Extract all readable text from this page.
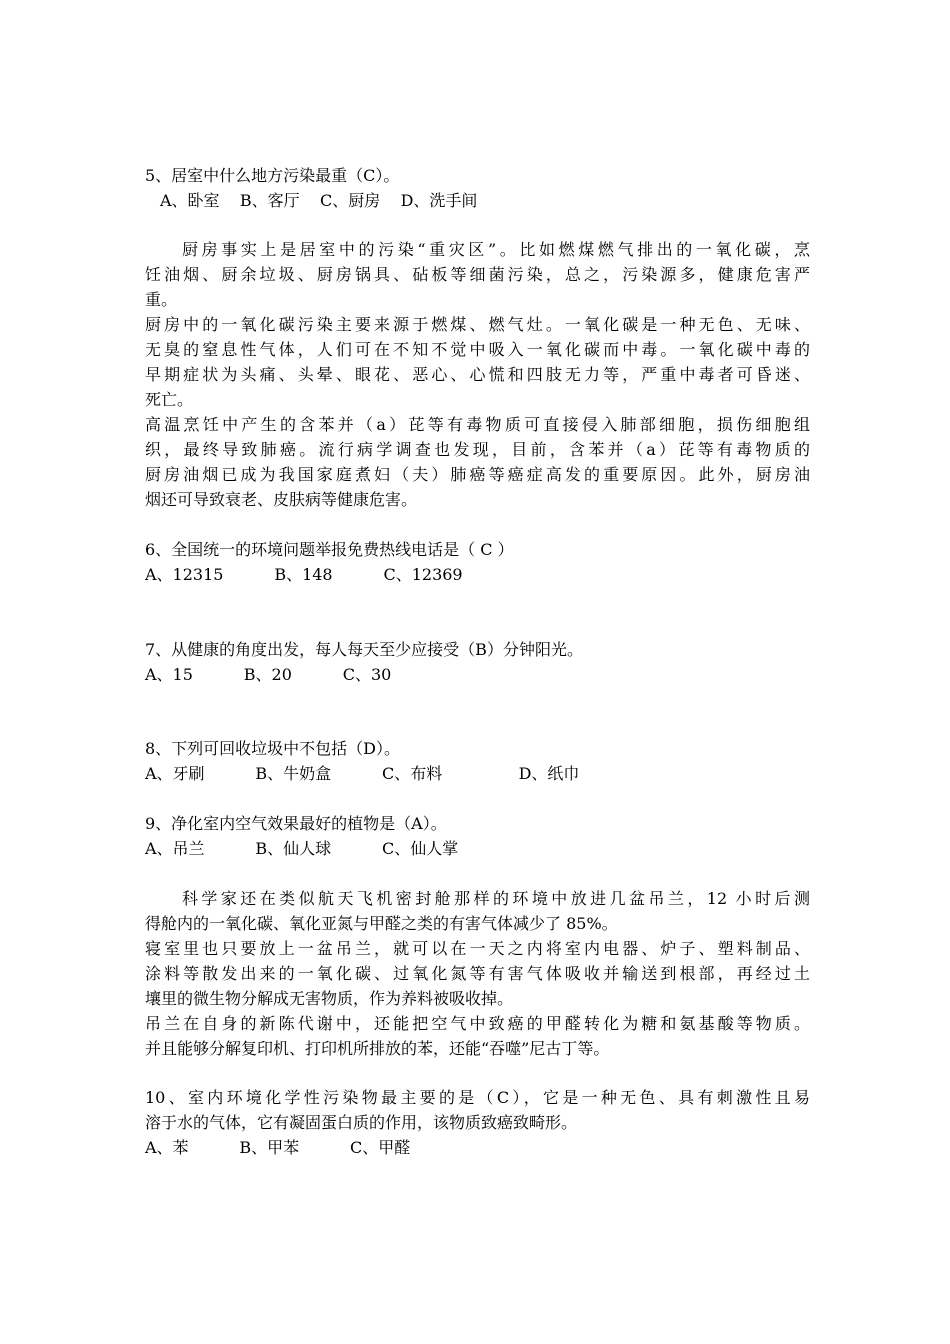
5、居室中什么地方污染最重（C）。
A、卧室    B、客厅    C、厨房    D、洗手间
厨房事实上是居室中的污染“重灾区”。比如燃煤燃气排出的一氧化碳，烹
饪油烟、厨余垃圾、厨房锅具、砧板等细菌污染，总之，污染源多，健康危害严
重。
厨房中的一氧化碳污染主要来源于燃煤、燃气灶。一氧化碳是一种无色、无味、
无臭的窒息性气体，人们可在不知不觉中吸入一氧化碳而中毒。一氧化碳中毒的
早期症状为头痛、头晕、眼花、恶心、心慌和四肢无力等，严重中毒者可昏迷、
死亡。
高温烹饪中产生的含苯并（a）芘等有毒物质可直接侵入肺部细胞，损伤细胞组
织，最终导致肺癌。流行病学调查也发现，目前，含苯并（a）芘等有毒物质的
厨房油烟已成为我国家庭煮妇（夫）肺癌等癌症高发的重要原因。此外，厨房油
烟还可导致衰老、皮肤病等健康危害。
6、全国统一的环境问题举报免费热线电话是（ C ）
A、12315          B、148          C、12369
7、从健康的角度出发，每人每天至少应接受（B）分钟阳光。
A、15          B、20          C、30
8、下列可回收垃圾中不包括（D）。
A、牙刷          B、牛奶盒          C、布料               D、纸巾
9、净化室内空气效果最好的植物是（A）。
A、吊兰          B、仙人球          C、仙人掌
科学家还在类似航天飞机密封舱那样的环境中放进几盆吊兰，12 小时后测
得舱内的一氧化碳、氧化亚氮与甲醛之类的有害气体减少了 85%。
寝室里也只要放上一盆吊兰，就可以在一天之内将室内电器、炉子、塑料制品、
涂料等散发出来的一氧化碳、过氧化氮等有害气体吸收并输送到根部，再经过土
壤里的微生物分解成无害物质，作为养料被吸收掉。
吊兰在自身的新陈代谢中，还能把空气中致癌的甲醛转化为糖和氨基酸等物质。
并且能够分解复印机、打印机所排放的苯，还能“吞噬”尼古丁等。
10、室内环境化学性污染物最主要的是（C），它是一种无色、具有刺激性且易
溶于水的气体，它有凝固蛋白质的作用，该物质致癌致畸形。
A、苯          B、甲苯          C、甲醛
